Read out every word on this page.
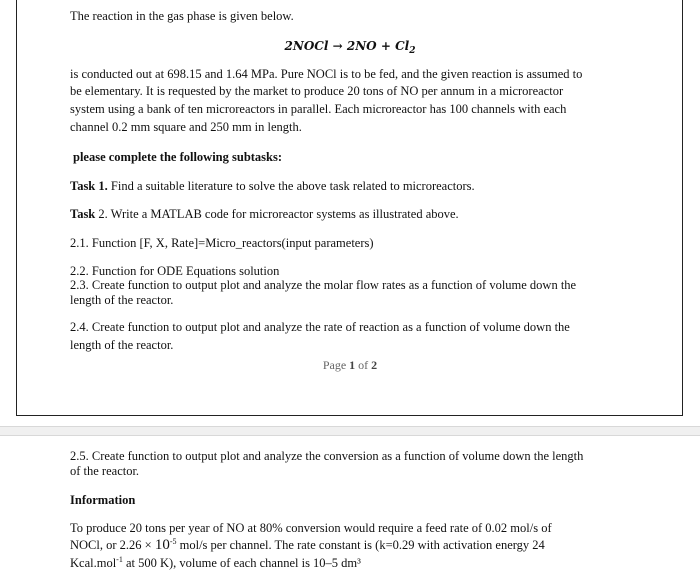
The reaction in the gas phase is given below.
2NOCl → $2NO + Cl_2$
is conducted out at 698.15 and 1.64 MPa. Pure NOCl is to be fed, and the given reaction is assumed to
be elementary. It is requested by the market to produce 20 tons of NO per annum in a microreactor
system using a bank of ten microreactors in parallel. Each microreactor has 100 channels with each
channel 0.2 mm square and 250 mm in length.
please complete the following subtasks:
Task 1. Find a suitable literature to solve the above task related to microreactors.
Task 2. Write a MATLAB code for microreactor systems as illustrated above.
2.1. Function [F, X, Rate]=Micro_reactors(input parameters)
2.2. Function for ODE Equations solution
2.3. Create function to output plot and analyze the molar flow rates as a function of volume down the
length of the reactor.
2.4. Create function to output plot and analyze the rate of reaction as a function of volume down the
length of the reactor.
Page 1 of 2
2.5. Create function to output plot and analyze the conversion as a function of volume down the length
of the reactor.
Information
To produce 20 tons per year of NO at 80% conversion would require a feed rate of 0.02 mol/s of
NOCl, or $2.26 \times 10^{-5}$ mol/s per channel. The rate constant is (k=0.29 with activation energy 24
Kcal.mol$^{-1}$ at 500 K), volume of each channel is 10–5 dm³
